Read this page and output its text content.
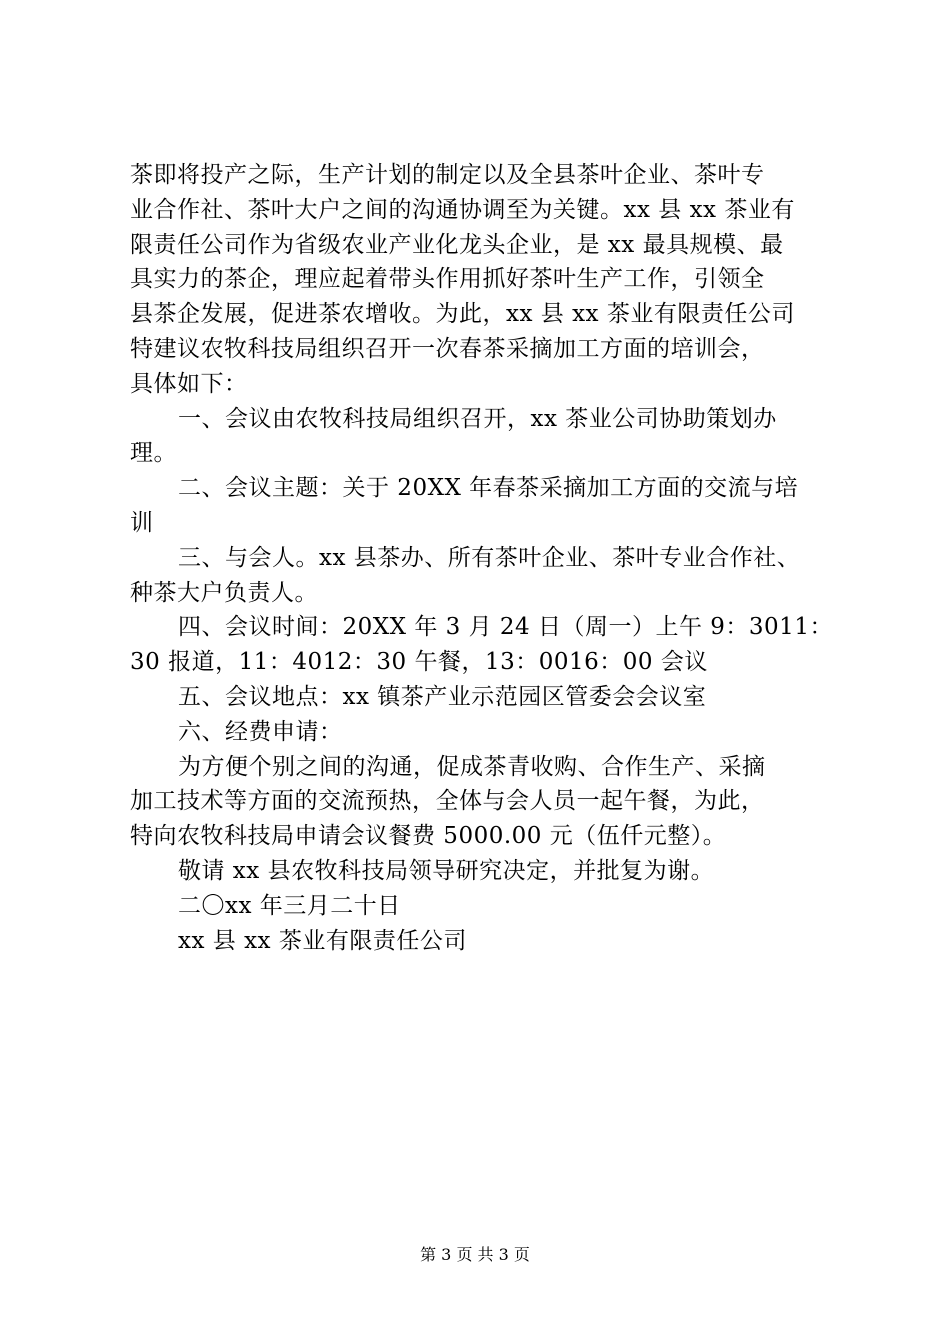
茶即将投产之际，生产计划的制定以及全县茶叶企业、茶叶专
业合作社、茶叶大户之间的沟通协调至为关键。xx 县 xx 茶业有
限责任公司作为省级农业产业化龙头企业，是 xx 最具规模、最
具实力的茶企，理应起着带头作用抓好茶叶生产工作，引领全
县茶企发展，促进茶农增收。为此，xx 县 xx 茶业有限责任公司
特建议农牧科技局组织召开一次春茶采摘加工方面的培训会，
具体如下：
一、会议由农牧科技局组织召开，xx 茶业公司协助策划办
理。
二、会议主题：关于 20XX 年春茶采摘加工方面的交流与培
训
三、与会人。xx 县茶办、所有茶叶企业、茶叶专业合作社、
种茶大户负责人。
四、会议时间：20XX 年 3 月 24 日（周一）上午 9：3011：
30 报道，11：4012：30 午餐，13：0016：00 会议
五、会议地点：xx 镇茶产业示范园区管委会会议室
六、经费申请：
为方便个别之间的沟通，促成茶青收购、合作生产、采摘
加工技术等方面的交流预热，全体与会人员一起午餐，为此，
特向农牧科技局申请会议餐费 5000.00 元（伍仟元整）。
敬请 xx 县农牧科技局领导研究决定，并批复为谢。
二〇xx 年三月二十日
xx 县 xx 茶业有限责任公司
第 3 页 共 3 页
